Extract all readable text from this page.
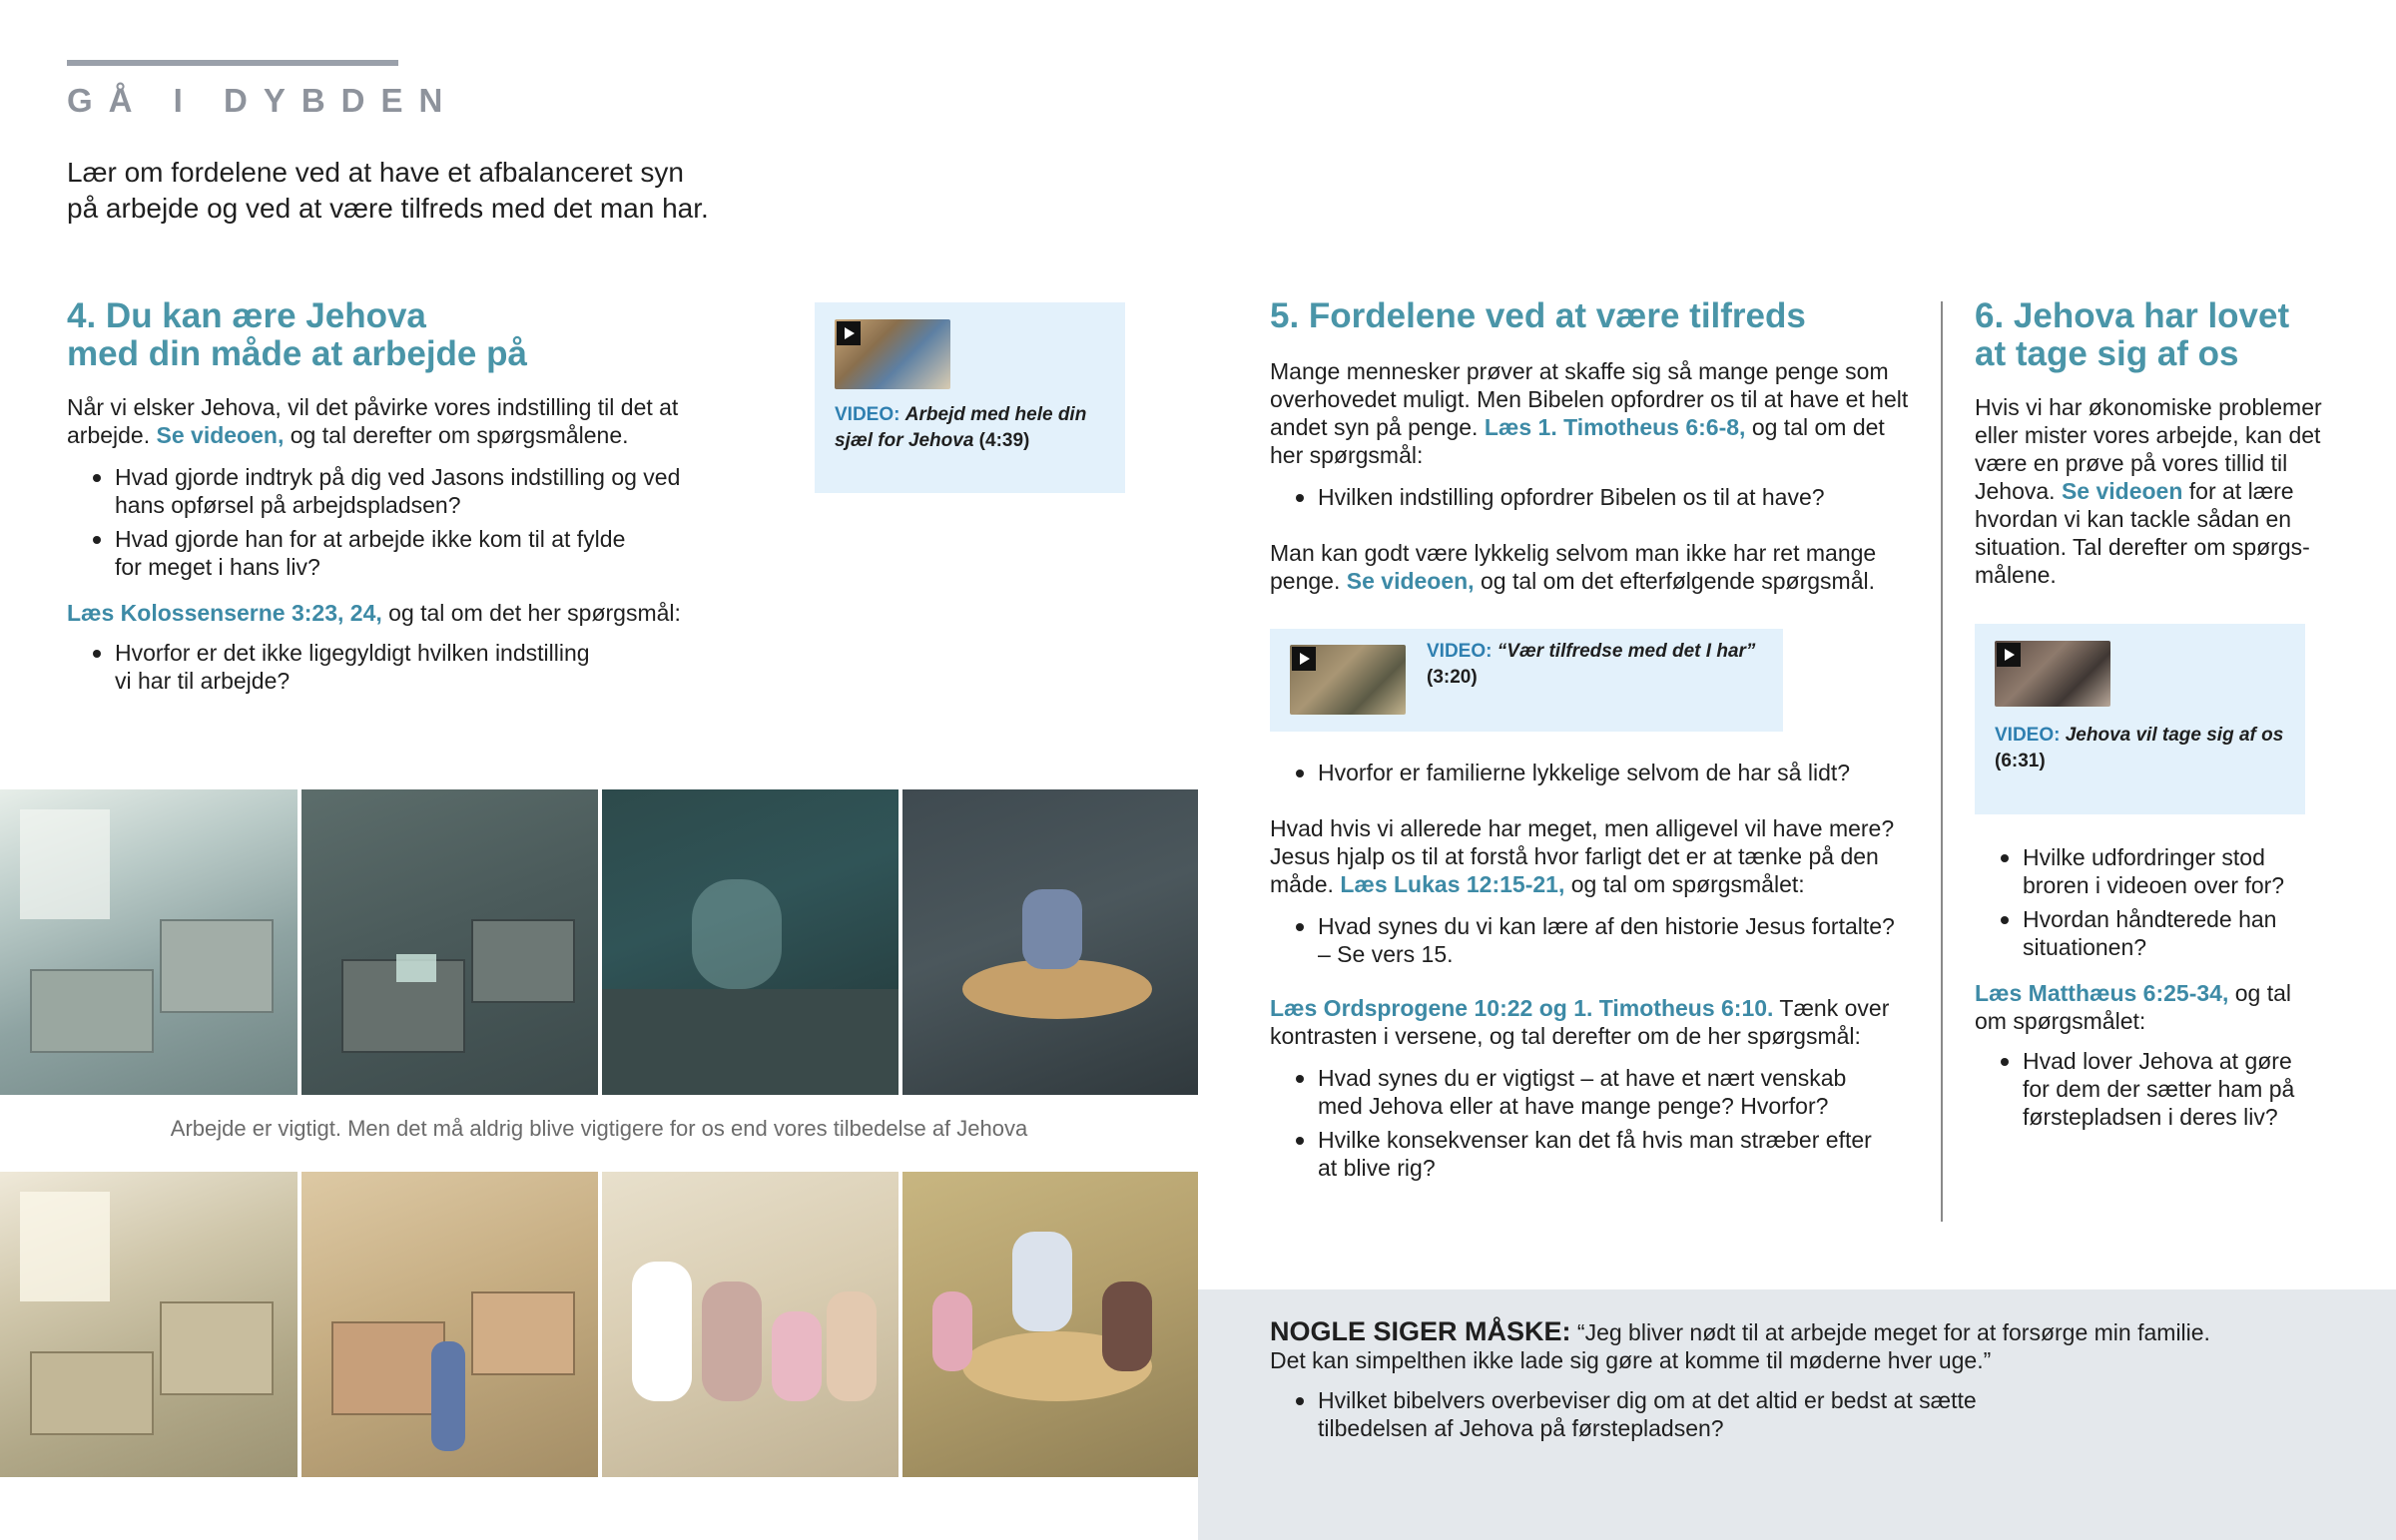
GÅ I DYBDEN
Lær om fordelene ved at have et afbalanceret syn
på arbejde og ved at være tilfreds med det man har.
4. Du kan ære Jehova
med din måde at arbejde på
Når vi elsker Jehova, vil det påvirke vores indstilling til det at
arbejde. Se videoen, og tal derefter om spørgsmålene.
Hvad gjorde indtryk på dig ved Jasons indstilling og ved
hans opførsel på arbejdspladsen?
Hvad gjorde han for at arbejde ikke kom til at fylde
for meget i hans liv?
Læs Kolossenserne 3:23, 24, og tal om det her spørgsmål:
Hvorfor er det ikke ligegyldigt hvilken indstilling
vi har til arbejde?
VIDEO: Arbejd med hele din
sjæl for Jehova (4:39)
Arbejde er vigtigt. Men det må aldrig blive vigtigere for os end vores tilbedelse af Jehova
5. Fordelene ved at være tilfreds
Mange mennesker prøver at skaffe sig så mange penge som
overhovedet muligt. Men Bibelen opfordrer os til at have et helt
andet syn på penge. Læs 1. Timotheus 6:6-8, og tal om det
her spørgsmål:
Hvilken indstilling opfordrer Bibelen os til at have?
Man kan godt være lykkelig selvom man ikke har ret mange
penge. Se videoen, og tal om det efterfølgende spørgsmål.
VIDEO: “Vær tilfredse med det I har”
(3:20)
Hvorfor er familierne lykkelige selvom de har så lidt?
Hvad hvis vi allerede har meget, men alligevel vil have mere?
Jesus hjalp os til at forstå hvor farligt det er at tænke på den
måde. Læs Lukas 12:15-21, og tal om spørgsmålet:
Hvad synes du vi kan lære af den historie Jesus fortalte?
– Se vers 15.
Læs Ordsprogene 10:22 og 1. Timotheus 6:10. Tænk over
kontrasten i versene, og tal derefter om de her spørgsmål:
Hvad synes du er vigtigst – at have et nært venskab
med Jehova eller at have mange penge? Hvorfor?
Hvilke konsekvenser kan det få hvis man stræber efter
at blive rig?
6. Jehova har lovet
at tage sig af os
Hvis vi har økonomiske problemer
eller mister vores arbejde, kan det
være en prøve på vores tillid til
Jehova. Se videoen for at lære
hvordan vi kan tackle sådan en
situation. Tal derefter om spørgs-
målene.
VIDEO: Jehova vil tage sig af os
(6:31)
Hvilke udfordringer stod
broren i videoen over for?
Hvordan håndterede han
situationen?
Læs Matthæus 6:25-34, og tal
om spørgsmålet:
Hvad lover Jehova at gøre
for dem der sætter ham på
førstepladsen i deres liv?
NOGLE SIGER MÅSKE: “Jeg bliver nødt til at arbejde meget for at forsørge min familie.
Det kan simpelthen ikke lade sig gøre at komme til møderne hver uge.”
Hvilket bibelvers overbeviser dig om at det altid er bedst at sætte
tilbedelsen af Jehova på førstepladsen?
